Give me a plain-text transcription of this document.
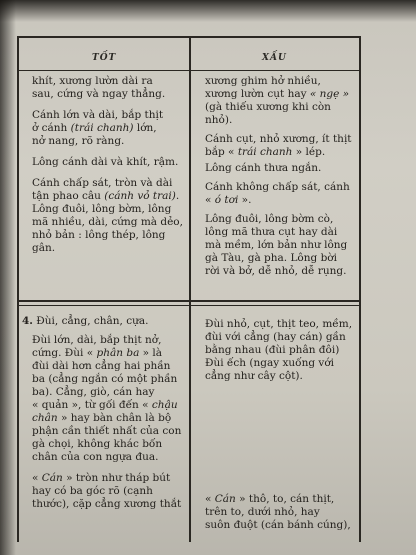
TỐT	XẤU
khít, xương lườn dài ra
sau, cứng và ngay thẳng.
Cánh lớn và dài, bắp thịt
ở cánh (trái chanh) lớn,
nở nang, rõ ràng.
Lông cánh dài và khít, rậm.
Cánh chấp sát, tròn và dài
tận phao câu (cánh vỏ trai).
Lông đuôi, lông bờm, lông
mã nhiều, dài, cứng mà dẻo,
nhỏ bản : lông thép, lông
gân.
xương ghim hở nhiều,
xương lườn cụt hay « ngẹ »
(gà thiếu xương khi còn
nhỏ).
Cánh cụt, nhỏ xương, ít thịt
bắp « trái chanh » lép.
Lông cánh thưa ngắn.
Cánh không chấp sát, cánh
« ó tơi ».
Lông đuôi, lông bờm cò,
lông mã thưa cụt hay dài
mà mềm, lớn bản như lông
gà Tàu, gà pha. Lông bời
rời và bở, dễ nhỏ, dễ rụng.
4. Đùi, cẳng, chân, cựa.
Đùi lớn, dài, bắp thịt nở,
cứng. Đùi « phân ba » là
đùi dài hơn cẳng hai phần
ba (cẳng ngắn có một phần
ba). Cẳng, giò, cán hay
« quản », từ gối đến « chậu
chân » hay bàn chân là bộ
phận cần thiết nhất của con
gà chọi, không khác bốn
chân của con ngựa đua.
« Cán » tròn như tháp bút
hay có ba góc rõ (cạnh
thước), cặp cẳng xương thắt
Đùi nhỏ, cụt, thịt teo, mềm,
đùi với cẳng (hay cán) gần
bằng nhau (đùi phân đôi)
Đùi ếch (ngay xuống với
cẳng như cây cột).
« Cán » thô, to, cán thịt,
trên to, dưới nhỏ, hay
suôn đuột (cán bánh cúng),
